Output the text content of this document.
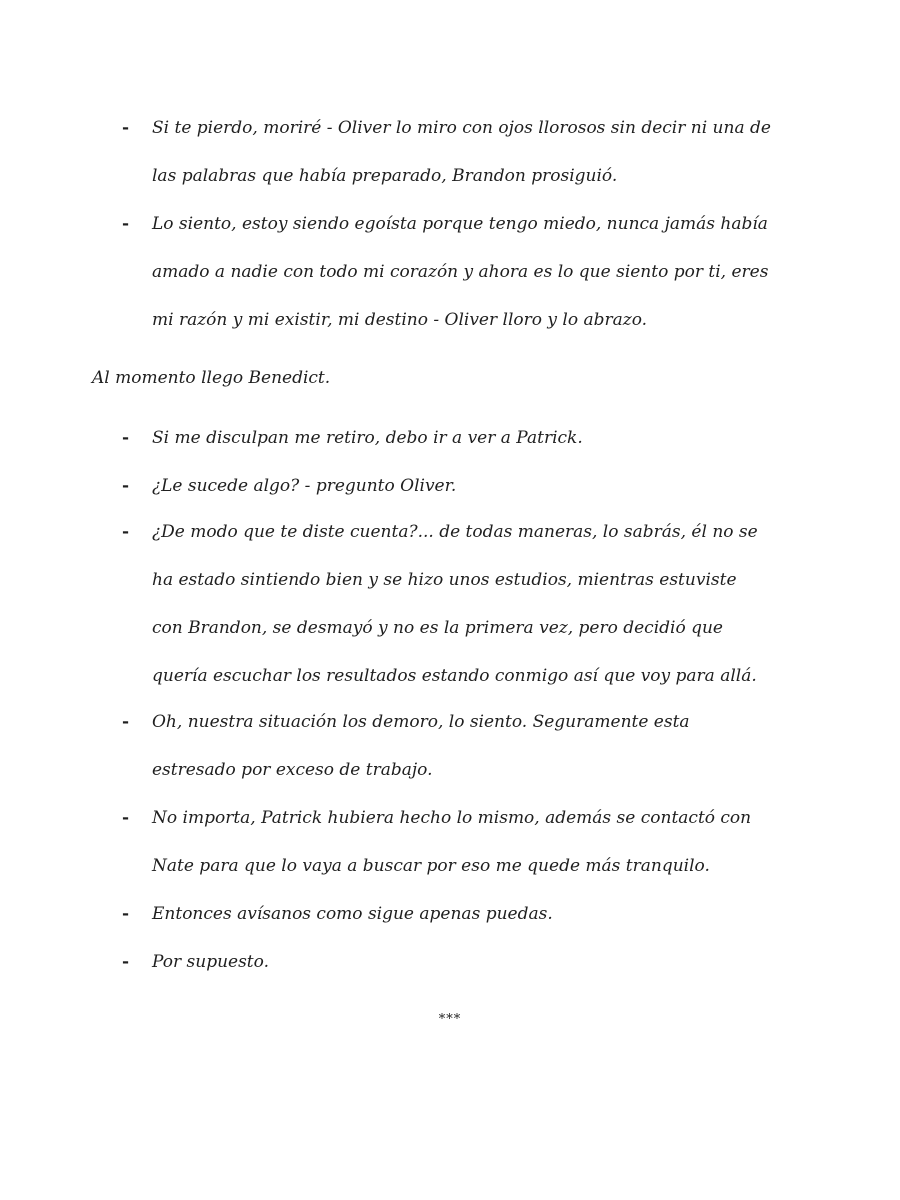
-	Si te pierdo, moriré - Oliver lo miro con ojos llorosos sin decir ni una de
las palabras que había preparado, Brandon prosiguió.
-	Lo siento, estoy siendo egoísta porque tengo miedo, nunca jamás había
amado a nadie con todo mi corazón y ahora es lo que siento por ti, eres
mi razón y mi existir, mi destino - Oliver lloro y lo abrazo.
Al momento llego Benedict.
-	Si me disculpan me retiro, debo ir a ver a Patrick.
-	¿Le sucede algo? - pregunto Oliver.
-	¿De modo que te diste cuenta?... de todas maneras, lo sabrás, él no se
ha estado sintiendo bien y se hizo unos estudios, mientras estuviste
con Brandon, se desmayó y no es la primera vez, pero decidió que
quería escuchar los resultados estando conmigo así que voy para allá.
-	Oh, nuestra situación los demoro, lo siento. Seguramente esta
estresado por exceso de trabajo.
-	No importa, Patrick hubiera hecho lo mismo, además se contactó con
Nate para que lo vaya a buscar por eso me quede más tranquilo.
-	Entonces avísanos como sigue apenas puedas.
-	Por supuesto.
***
